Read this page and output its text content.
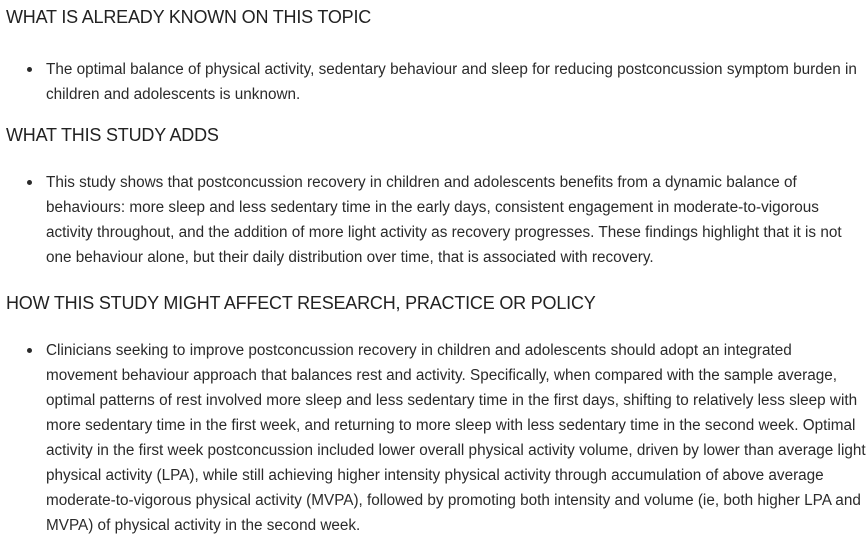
WHAT IS ALREADY KNOWN ON THIS TOPIC
The optimal balance of physical activity, sedentary behaviour and sleep for reducing postconcussion symptom burden in children and adolescents is unknown.
WHAT THIS STUDY ADDS
This study shows that postconcussion recovery in children and adolescents benefits from a dynamic balance of behaviours: more sleep and less sedentary time in the early days, consistent engagement in moderate-to-vigorous activity throughout, and the addition of more light activity as recovery progresses. These findings highlight that it is not one behaviour alone, but their daily distribution over time, that is associated with recovery.
HOW THIS STUDY MIGHT AFFECT RESEARCH, PRACTICE OR POLICY
Clinicians seeking to improve postconcussion recovery in children and adolescents should adopt an integrated movement behaviour approach that balances rest and activity. Specifically, when compared with the sample average, optimal patterns of rest involved more sleep and less sedentary time in the first days, shifting to relatively less sleep with more sedentary time in the first week, and returning to more sleep with less sedentary time in the second week. Optimal activity in the first week postconcussion included lower overall physical activity volume, driven by lower than average light physical activity (LPA), while still achieving higher intensity physical activity through accumulation of above average moderate-to-vigorous physical activity (MVPA), followed by promoting both intensity and volume (ie, both higher LPA and MVPA) of physical activity in the second week.
